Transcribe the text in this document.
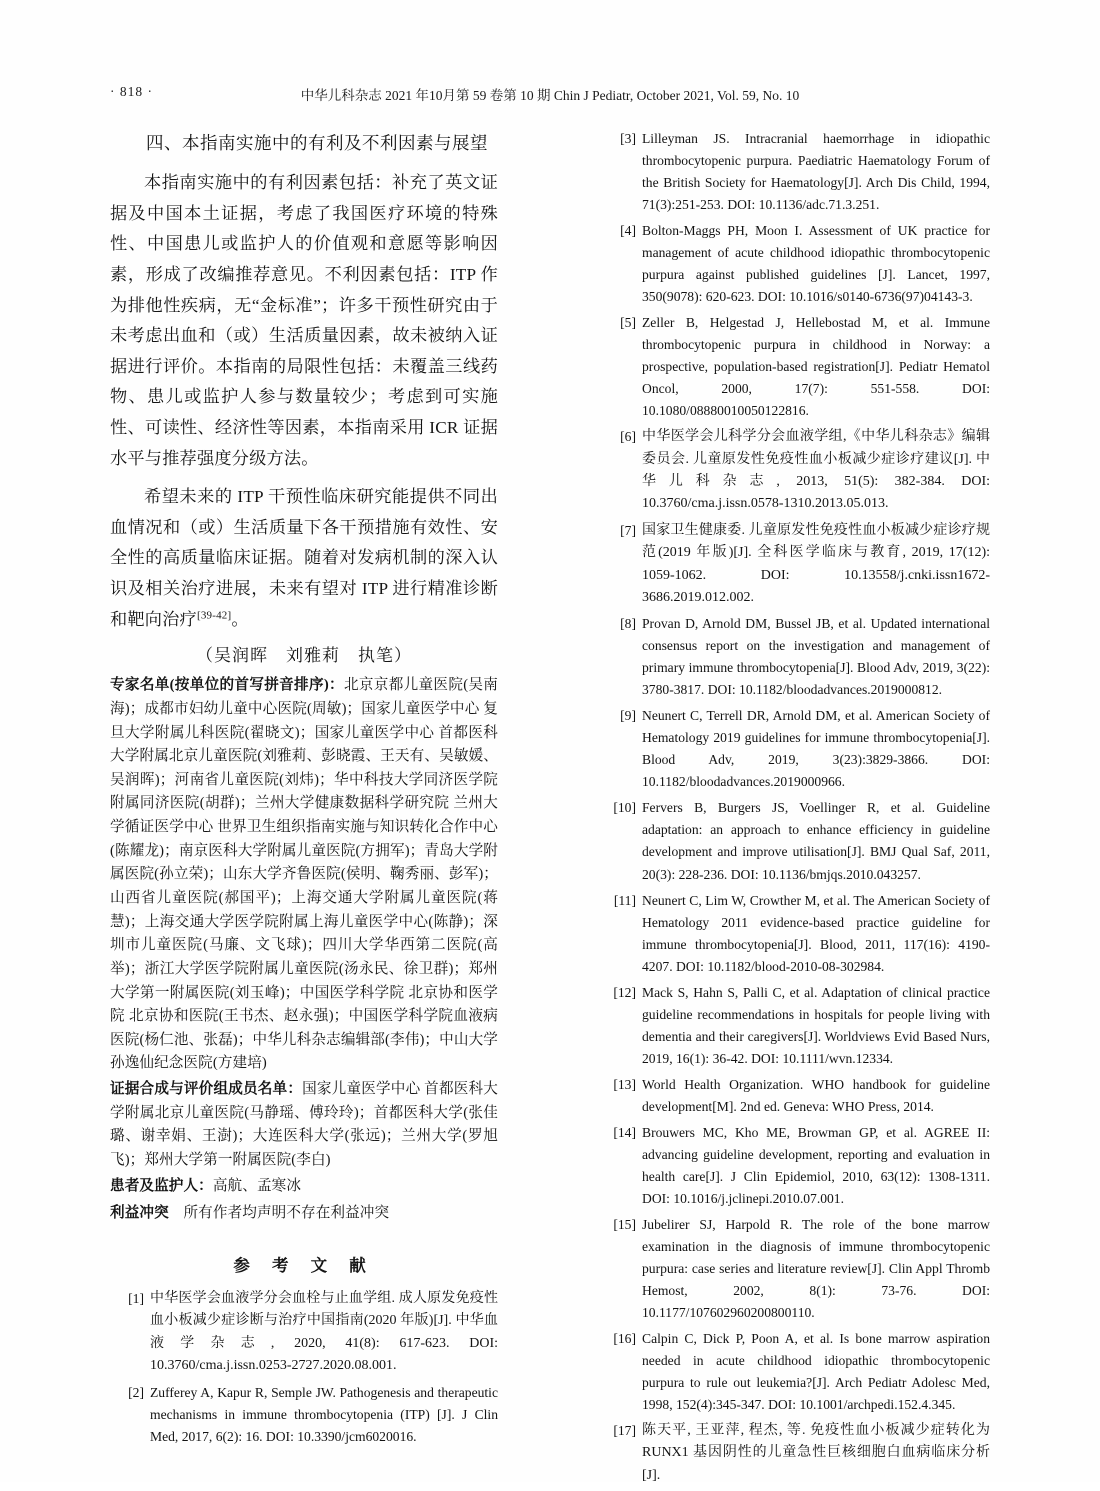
· 818 ·	中华儿科杂志 2021 年10月第 59 卷第 10 期 Chin J Pediatr, October 2021, Vol. 59, No. 10
四、本指南实施中的有利及不利因素与展望

本指南实施中的有利因素包括：补充了英文证据及中国本土证据，考虑了我国医疗环境的特殊性、中国患儿或监护人的价值观和意愿等影响因素，形成了改编推荐意见。不利因素包括：ITP 作为排他性疾病，无“金标准”；许多干预性研究由于未考虑出血和（或）生活质量因素，故未被纳入证据进行评价。本指南的局限性包括：未覆盖三线药物、患儿或监护人参与数量较少；考虑到可实施性、可读性、经济性等因素，本指南采用 ICR 证据水平与推荐强度分级方法。

希望未来的 ITP 干预性临床研究能提供不同出血情况和（或）生活质量下各干预措施有效性、安全性的高质量临床证据。随着对发病机制的深入认识及相关治疗进展，未来有望对 ITP 进行精准诊断和靶向治疗[39-42]。

（吴润晖　刘雅莉　执笔）
专家名单(按单位的首写拼音排序)：北京京都儿童医院(吴南海)；成都市妇幼儿童中心医院(周敏)；国家儿童医学中心 复旦大学附属儿科医院(翟晓文)；国家儿童医学中心 首都医科大学附属北京儿童医院(刘雅莉、彭晓霞、王天有、吴敏媛、吴润晖)；河南省儿童医院(刘炜)；华中科技大学同济医学院附属同济医院(胡群)；兰州大学健康数据科学研究院 兰州大学循证医学中心 世界卫生组织指南实施与知识转化合作中心(陈耀龙)；南京医科大学附属儿童医院(方拥军)；青岛大学附属医院(孙立荣)；山东大学齐鲁医院(侯明、鞠秀丽、彭军)；山西省儿童医院(郝国平)；上海交通大学附属儿童医院(蒋慧)；上海交通大学医学院附属上海儿童医学中心(陈静)；深圳市儿童医院(马廉、文飞球)；四川大学华西第二医院(高举)；浙江大学医学院附属儿童医院(汤永民、徐卫群)；郑州大学第一附属医院(刘玉峰)；中国医学科学院 北京协和医学院 北京协和医院(王书杰、赵永强)；中国医学科学院血液病医院(杨仁池、张磊)；中华儿科杂志编辑部(李伟)；中山大学孙逸仙纪念医院(方建培)
证据合成与评价组成员名单：国家儿童医学中心 首都医科大学附属北京儿童医院(马静瑶、傅玲玲)；首都医科大学(张佳璐、谢幸娟、王澍)；大连医科大学(张远)；兰州大学(罗旭飞)；郑州大学第一附属医院(李白)
患者及监护人：高航、孟寒冰
利益冲突　所有作者均声明不存在利益冲突
参 考 文 献
[1] 中华医学会血液学分会血栓与止血学组. 成人原发免疫性血小板减少症诊断与治疗中国指南(2020 年版)[J]. 中华血液学杂志, 2020, 41(8): 617-623. DOI: 10.3760/cma.j.issn.0253-2727.2020.08.001.
[2] Zufferey A, Kapur R, Semple JW. Pathogenesis and therapeutic mechanisms in immune thrombocytopenia (ITP) [J]. J Clin Med, 2017, 6(2): 16. DOI: 10.3390/jcm6020016.
[3] Lilleyman JS. Intracranial haemorrhage in idiopathic thrombocytopenic purpura. Paediatric Haematology Forum of the British Society for Haematology[J]. Arch Dis Child, 1994, 71(3):251-253. DOI: 10.1136/adc.71.3.251.
[4] Bolton-Maggs PH, Moon I. Assessment of UK practice for management of acute childhood idiopathic thrombocytopenic purpura against published guidelines [J]. Lancet, 1997, 350(9078): 620-623. DOI: 10.1016/s0140-6736(97)04143-3.
[5] Zeller B, Helgestad J, Hellebostad M, et al. Immune thrombocytopenic purpura in childhood in Norway: a prospective, population-based registration[J]. Pediatr Hematol Oncol, 2000, 17(7): 551-558. DOI: 10.1080/08880010050122816.
[6] 中华医学会儿科学分会血液学组,《中华儿科杂志》编辑委员会. 儿童原发性免疫性血小板减少症诊疗建议[J]. 中华儿科杂志, 2013, 51(5): 382-384. DOI: 10.3760/cma.j.issn.0578-1310.2013.05.013.
[7] 国家卫生健康委. 儿童原发性免疫性血小板减少症诊疗规范(2019 年版)[J]. 全科医学临床与教育, 2019, 17(12): 1059-1062. DOI: 10.13558/j.cnki.issn1672-3686.2019.012.002.
[8] Provan D, Arnold DM, Bussel JB, et al. Updated international consensus report on the investigation and management of primary immune thrombocytopenia[J]. Blood Adv, 2019, 3(22): 3780-3817. DOI: 10.1182/bloodadvances.2019000812.
[9] Neunert C, Terrell DR, Arnold DM, et al. American Society of Hematology 2019 guidelines for immune thrombocytopenia[J]. Blood Adv, 2019, 3(23):3829-3866. DOI: 10.1182/bloodadvances.2019000966.
[10] Fervers B, Burgers JS, Voellinger R, et al. Guideline adaptation: an approach to enhance efficiency in guideline development and improve utilisation[J]. BMJ Qual Saf, 2011, 20(3): 228-236. DOI: 10.1136/bmjqs.2010.043257.
[11] Neunert C, Lim W, Crowther M, et al. The American Society of Hematology 2011 evidence-based practice guideline for immune thrombocytopenia[J]. Blood, 2011, 117(16): 4190-4207. DOI: 10.1182/blood-2010-08-302984.
[12] Mack S, Hahn S, Palli C, et al. Adaptation of clinical practice guideline recommendations in hospitals for people living with dementia and their caregivers[J]. Worldviews Evid Based Nurs, 2019, 16(1): 36-42. DOI: 10.1111/wvn.12334.
[13] World Health Organization. WHO handbook for guideline development[M]. 2nd ed. Geneva: WHO Press, 2014.
[14] Brouwers MC, Kho ME, Browman GP, et al. AGREE II: advancing guideline development, reporting and evaluation in health care[J]. J Clin Epidemiol, 2010, 63(12): 1308-1311. DOI: 10.1016/j.jclinepi.2010.07.001.
[15] Jubelirer SJ, Harpold R. The role of the bone marrow examination in the diagnosis of immune thrombocytopenic purpura: case series and literature review[J]. Clin Appl Thromb Hemost, 2002, 8(1): 73-76. DOI: 10.1177/107602960200800110.
[16] Calpin C, Dick P, Poon A, et al. Is bone marrow aspiration needed in acute childhood idiopathic thrombocytopenic purpura to rule out leukemia?[J]. Arch Pediatr Adolesc Med, 1998, 152(4):345-347. DOI: 10.1001/archpedi.152.4.345.
[17] 陈天平, 王亚萍, 程杰, 等. 免疫性血小板减少症转化为 RUNX1 基因阴性的儿童急性巨核细胞白血病临床分析[J].
